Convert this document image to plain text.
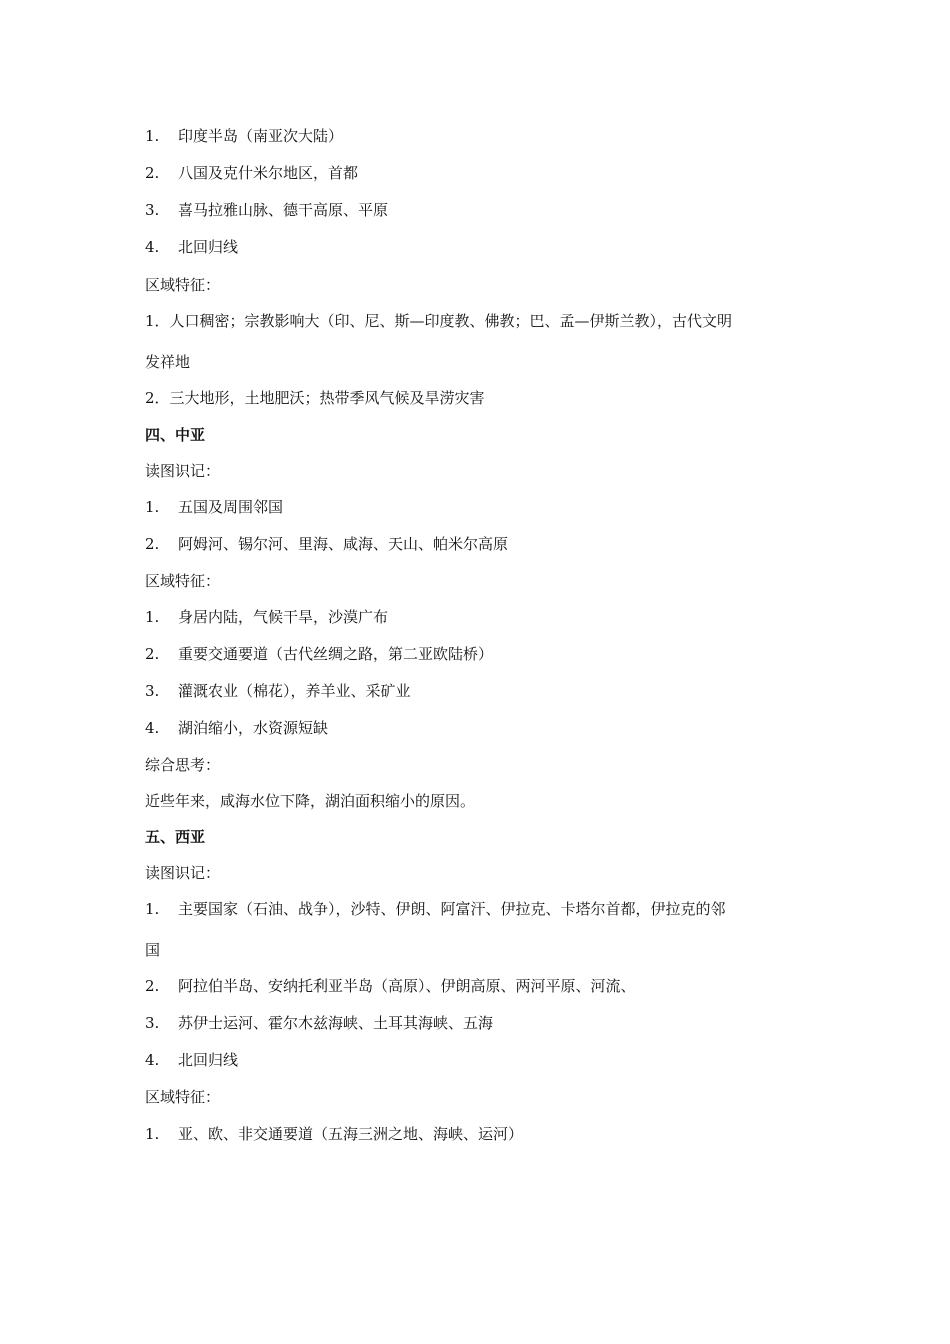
1. 印度半岛（南亚次大陆）
2. 八国及克什米尔地区，首都
3. 喜马拉雅山脉、德干高原、平原
4. 北回归线
区域特征：
1．人口稠密；宗教影响大（印、尼、斯—印度教、佛教；巴、孟—伊斯兰教），古代文明
发祥地
2．三大地形，土地肥沃；热带季风气候及旱涝灾害
四、中亚
读图识记：
1. 五国及周围邻国
2. 阿姆河、锡尔河、里海、咸海、天山、帕米尔高原
区域特征：
1. 身居内陆，气候干旱，沙漠广布
2. 重要交通要道（古代丝绸之路，第二亚欧陆桥）
3. 灌溉农业（棉花），养羊业、采矿业
4. 湖泊缩小，水资源短缺
综合思考：
近些年来，咸海水位下降，湖泊面积缩小的原因。
五、西亚
读图识记：
1. 主要国家（石油、战争），沙特、伊朗、阿富汗、伊拉克、卡塔尔首都，伊拉克的邻
国
2. 阿拉伯半岛、安纳托利亚半岛（高原）、伊朗高原、两河平原、河流、
3. 苏伊士运河、霍尔木兹海峡、土耳其海峡、五海
4. 北回归线
区域特征：
1. 亚、欧、非交通要道（五海三洲之地、海峡、运河）
